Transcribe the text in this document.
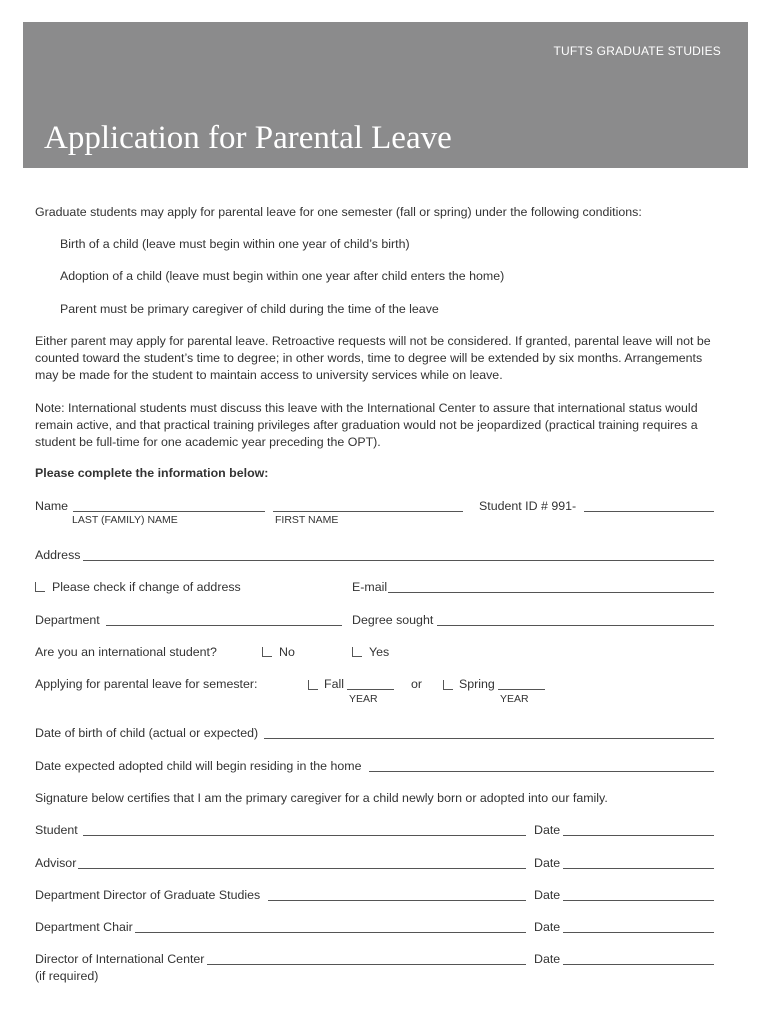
TUFTS GRADUATE STUDIES
Application for Parental Leave
Graduate students may apply for parental leave for one semester (fall or spring) under the following conditions:
Birth of a child (leave must begin within one year of child’s birth)
Adoption of a child (leave must begin within one year after child enters the home)
Parent must be primary caregiver of child during the time of the leave
Either parent may apply for parental leave. Retroactive requests will not be considered. If granted, parental leave will not be counted toward the student’s time to degree; in other words, time to degree will be extended by six months. Arrangements may be made for the student to maintain access to university services while on leave.
Note: International students must discuss this leave with the International Center to assure that international status would remain active, and that practical training privileges after graduation would not be jeopardized (practical training requires a student be full-time for one academic year preceding the OPT).
Please complete the information below:
Name	Student ID # 991-
LAST (FAMILY) NAME	FIRST NAME
Address
Please check if change of address	E-mail
Department	Degree sought
Are you an international student?	No	Yes
Applying for parental leave for semester:	Fall	or	Spring
YEAR	YEAR
Date of birth of child (actual or expected)
Date expected adopted child will begin residing in the home
Signature below certifies that I am the primary caregiver for a child newly born or adopted into our family.
Student	Date
Advisor	Date
Department Director of Graduate Studies	Date
Department Chair	Date
Director of International Center	Date
(if required)
